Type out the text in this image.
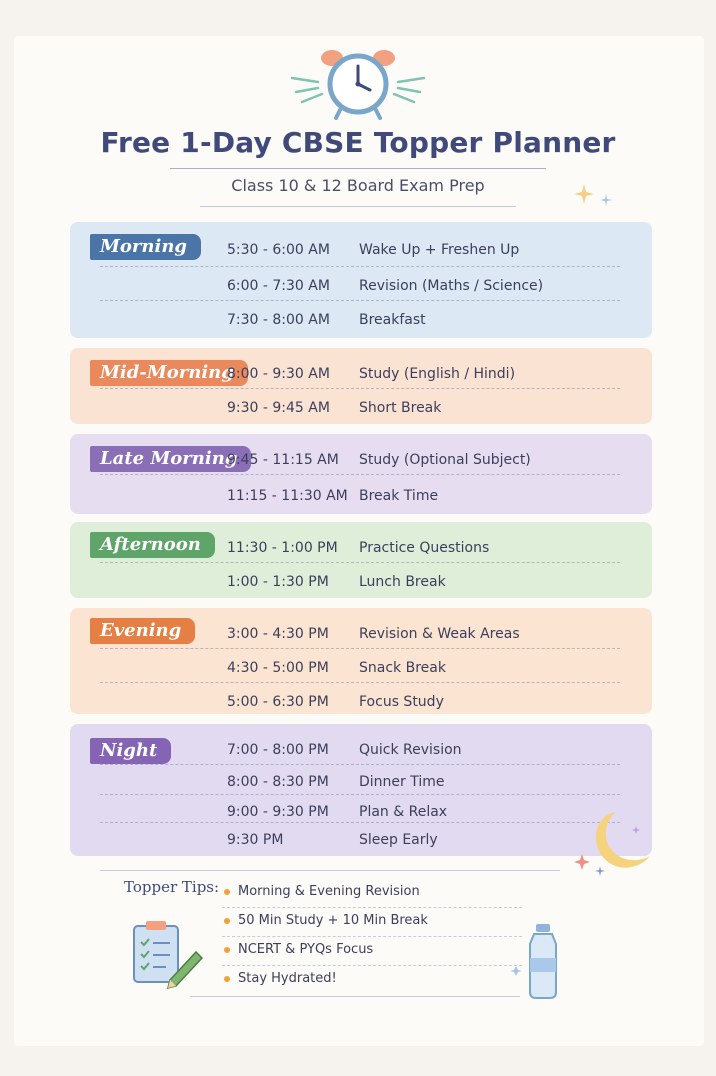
Free 1-Day CBSE Topper Planner
Class 10 & 12 Board Exam Prep
Morning	5:30 - 6:00 AM Wake Up + Freshen Up
6:00 - 7:30 AM Revision (Maths / Science)
7:30 - 8:00 AM Breakfast
Mid-Morning
8:00 - 9:30 AM Study (English / Hindi)
9:30 - 9:45 AM Short Break
Late Morning
9:45 - 11:15 AM Study (Optional Subject)
11:15 - 11:30 AM Break Time
Afternoon	11:30 - 1:00 PM Practice Questions
1:00 - 1:30 PM Lunch Break
Evening	3:00 - 4:30 PM Revision & Weak Areas
4:30 - 5:00 PM Snack Break
5:00 - 6:30 PM Focus Study
Night	7:00 - 8:00 PM Quick Revision
8:00 - 8:30 PM Dinner Time
9:00 - 9:30 PM Plan & Relax
9:30 PM	Sleep Early
Topper Tips:	Morning & Evening Revision
50 Min Study + 10 Min Break
NCERT & PYQs Focus
Stay Hydrated!
